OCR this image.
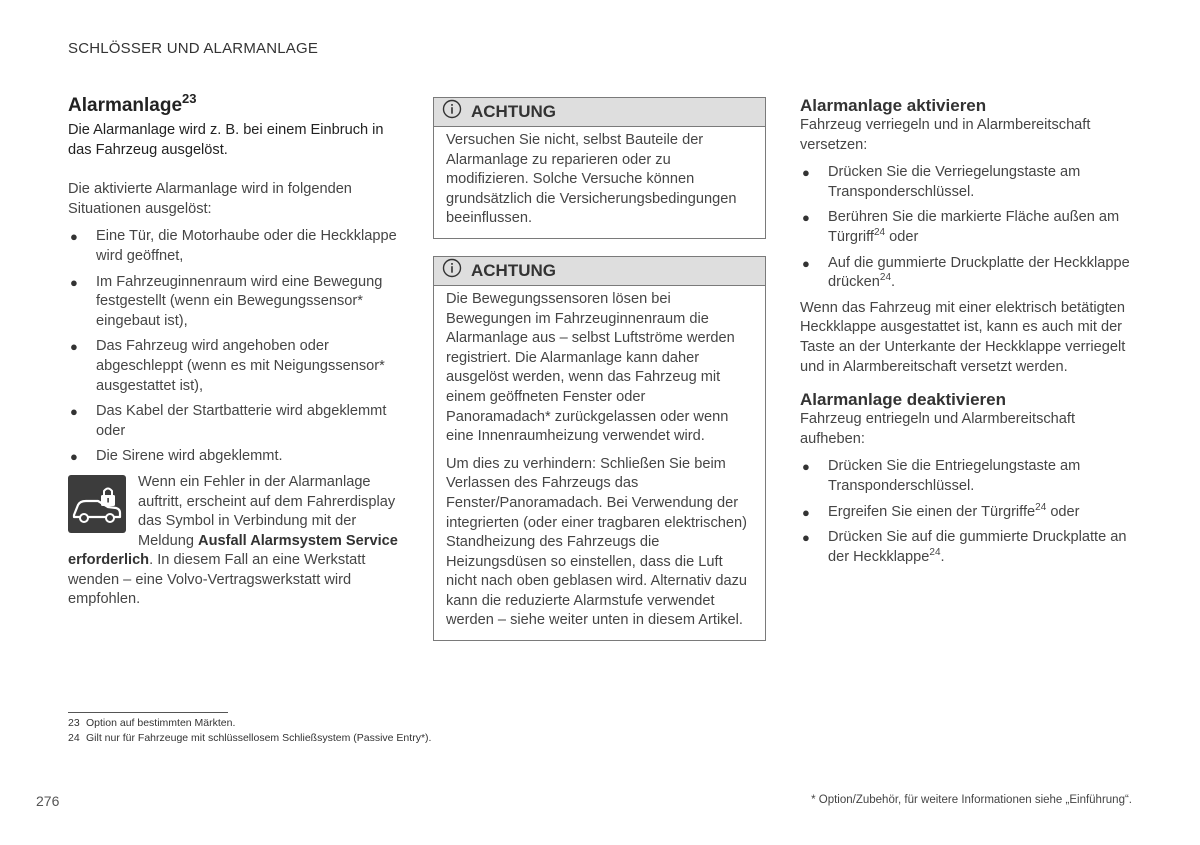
SCHLÖSSER UND ALARMANLAGE
Alarmanlage$^{23}$

Die Alarmanlage wird z. B. bei einem Einbruch in das Fahrzeug ausgelöst.

Die aktivierte Alarmanlage wird in folgenden Situationen ausgelöst:

● Eine Tür, die Motorhaube oder die Heckklappe wird geöffnet,
● Im Fahrzeuginnenraum wird eine Bewegung festgestellt (wenn ein Bewegungssensor* eingebaut ist),
● Das Fahrzeug wird angehoben oder abgeschleppt (wenn es mit Neigungssensor* ausgestattet ist),
● Das Kabel der Startbatterie wird abgeklemmt oder
● Die Sirene wird abgeklemmt.
Wenn ein Fehler in der Alarmanlage auftritt, erscheint auf dem Fahrerdisplay das Symbol in Verbindung mit der Meldung Ausfall Alarmsystem Service erforderlich. In diesem Fall an eine Werkstatt wenden – eine Volvo-Vertragswerkstatt wird empfohlen.
ACHTUNG

Versuchen Sie nicht, selbst Bauteile der Alarmanlage zu reparieren oder zu modifizieren. Solche Versuche können grundsätzlich die Versicherungsbedingungen beeinflussen.

ACHTUNG

Die Bewegungssensoren lösen bei Bewegungen im Fahrzeuginnenraum die Alarmanlage aus – selbst Luftströme werden registriert. Die Alarmanlage kann daher ausgelöst werden, wenn das Fahrzeug mit einem geöffneten Fenster oder Panoramadach* zurückgelassen oder wenn eine Innenraumheizung verwendet wird.

Um dies zu verhindern: Schließen Sie beim Verlassen des Fahrzeugs das Fenster/Panoramadach. Bei Verwendung der integrierten (oder einer tragbaren elektrischen) Standheizung des Fahrzeugs die Heizungsdüsen so einstellen, dass die Luft nicht nach oben geblasen wird. Alternativ dazu kann die reduzierte Alarmstufe verwendet werden – siehe weiter unten in diesem Artikel.

Alarmanlage aktivieren

Fahrzeug verriegeln und in Alarmbereitschaft versetzen:

● Drücken Sie die Verriegelungstaste am Transponderschlüssel.
● Berühren Sie die markierte Fläche außen am Türgriff$^{24}$ oder
● Auf die gummierte Druckplatte der Heckklappe drücken$^{24}$.

Wenn das Fahrzeug mit einer elektrisch betätigten Heckklappe ausgestattet ist, kann es auch mit der Taste an der Unterkante der Heckklappe verriegelt und in Alarmbereitschaft versetzt werden.

Alarmanlage deaktivieren

Fahrzeug entriegeln und Alarmbereitschaft aufheben:

● Drücken Sie die Entriegelungstaste am Transponderschlüssel.
● Ergreifen Sie einen der Türgriffe$^{24}$ oder
● Drücken Sie auf die gummierte Druckplatte an der Heckklappe$^{24}$.
23 Option auf bestimmten Märkten.
24 Gilt nur für Fahrzeuge mit schlüssellosem Schließsystem (Passive Entry*).
276	* Option/Zubehör, für weitere Informationen siehe „Einführung“.
